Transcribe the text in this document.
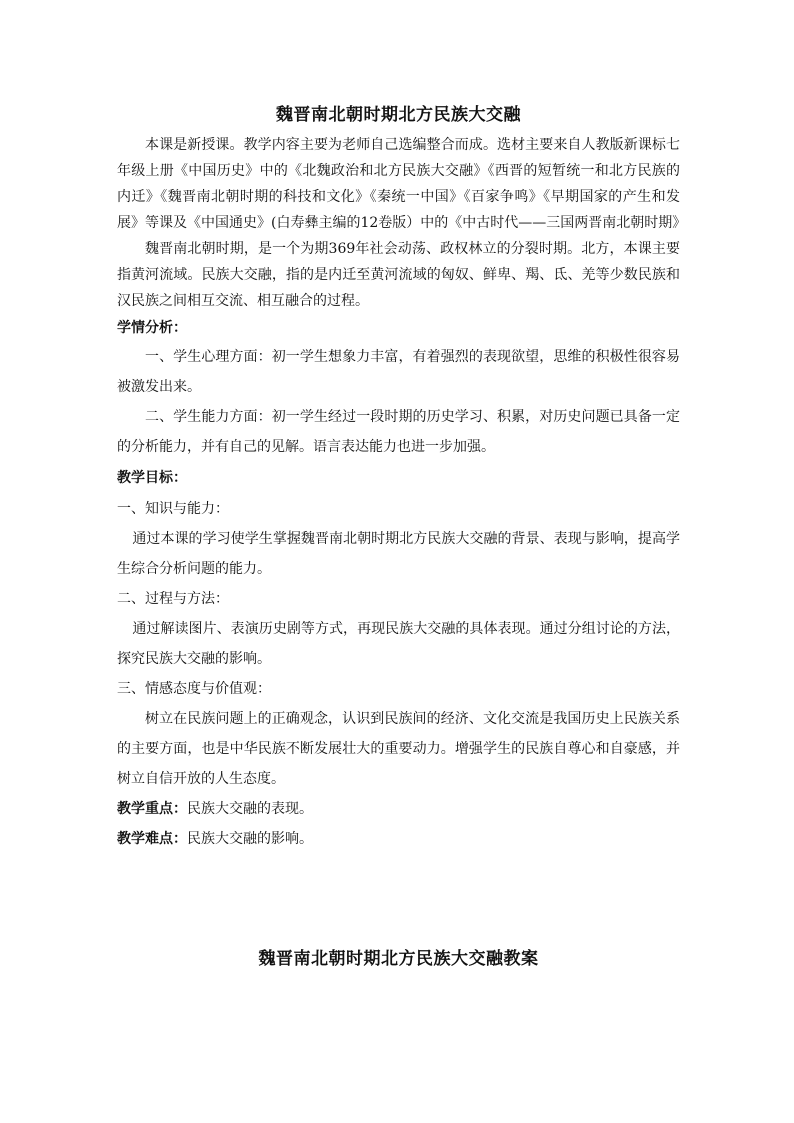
魏晋南北朝时期北方民族大交融

本课是新授课。教学内容主要为老师自己选编整合而成。选材主要来自人教版新课标七年级上册《中国历史》中的《北魏政治和北方民族大交融》《西晋的短暂统一和北方民族的内迁》《魏晋南北朝时期的科技和文化》《秦统一中国》《百家争鸣》《早期国家的产生和发展》等课及《中国通史》(白寿彝主编的12卷版）中的《中古时代——三国两晋南北朝时期》

魏晋南北朝时期，是一个为期369年社会动荡、政权林立的分裂时期。北方，本课主要指黄河流域。民族大交融，指的是内迁至黄河流域的匈奴、鲜卑、羯、氐、羌等少数民族和汉民族之间相互交流、相互融合的过程。

学情分析：

一、学生心理方面：初一学生想象力丰富，有着强烈的表现欲望，思维的积极性很容易被激发出来。

二、学生能力方面：初一学生经过一段时期的历史学习、积累，对历史问题已具备一定的分析能力，并有自己的见解。语言表达能力也进一步加强。

教学目标：

一、知识与能力：

通过本课的学习使学生掌握魏晋南北朝时期北方民族大交融的背景、表现与影响，提高学生综合分析问题的能力。

二、过程与方法：

通过解读图片、表演历史剧等方式，再现民族大交融的具体表现。通过分组讨论的方法，探究民族大交融的影响。

三、情感态度与价值观：

树立在民族问题上的正确观念，认识到民族间的经济、文化交流是我国历史上民族关系的主要方面，也是中华民族不断发展壮大的重要动力。增强学生的民族自尊心和自豪感，并树立自信开放的人生态度。

教学重点：民族大交融的表现。

教学难点：民族大交融的影响。

魏晋南北朝时期北方民族大交融教案
